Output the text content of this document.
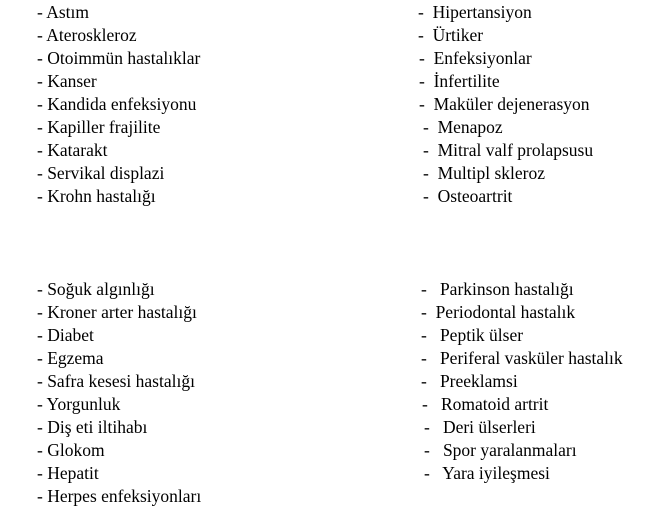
- Astım
- Ateroskleroz
- Otoimmün hastalıklar
- Kanser
- Kandida enfeksiyonu
- Kapiller frajilite
- Katarakt
- Servikal displazi
- Krohn hastalığı
-  Hipertansiyon
-  Ürtiker
-  Enfeksiyonlar
-  İnfertilite
-  Maküler dejenerasyon
-  Menapoz
-  Mitral valf prolapsusu
-  Multipl skleroz
-  Osteoartrit
- Soğuk algınlığı
- Kroner arter hastalığı
- Diabet
- Egzema
- Safra kesesi hastalığı
- Yorgunluk
- Diş eti iltihabı
- Glokom
- Hepatit
- Herpes enfeksiyonları
-   Parkinson hastalığı
-  Periodontal hastalık
-   Peptik ülser
-   Periferal vasküler hastalık
-   Preeklamsi
-   Romatoid artrit
-   Deri ülserleri
-   Spor yaralanmaları
-   Yara iyileşmesi
